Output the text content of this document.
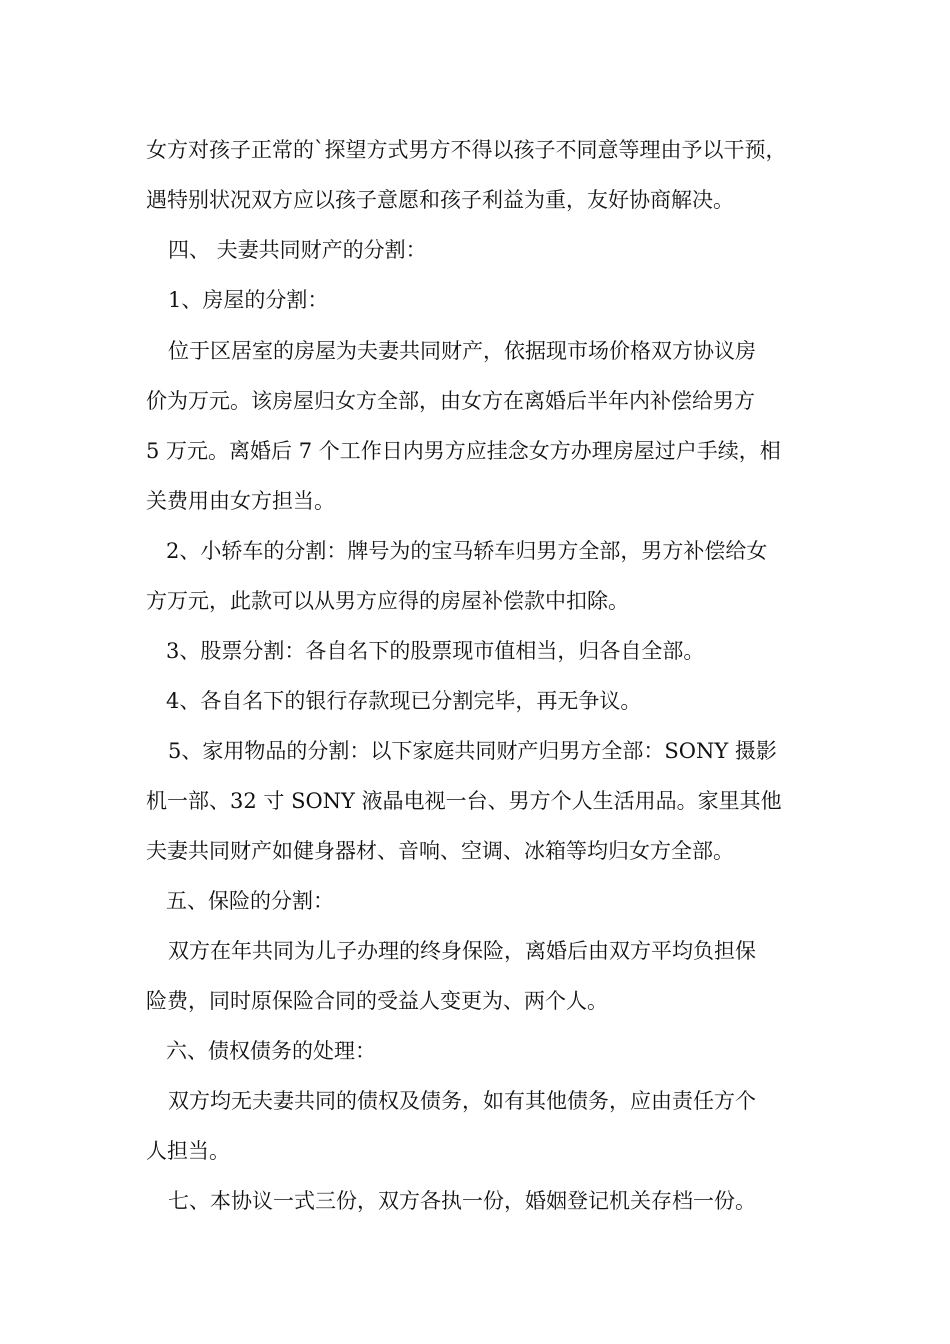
女方对孩子正常的`探望方式男方不得以孩子不同意等理由予以干预，
遇特别状况双方应以孩子意愿和孩子利益为重，友好协商解决。
四、 夫妻共同财产的分割：
1、房屋的分割：
位于区居室的房屋为夫妻共同财产，依据现市场价格双方协议房
价为万元。该房屋归女方全部，由女方在离婚后半年内补偿给男方
5 万元。离婚后 7 个工作日内男方应挂念女方办理房屋过户手续，相
关费用由女方担当。
2、小轿车的分割：牌号为的宝马轿车归男方全部，男方补偿给女
方万元，此款可以从男方应得的房屋补偿款中扣除。
3、股票分割：各自名下的股票现市值相当，归各自全部。
4、各自名下的银行存款现已分割完毕，再无争议。
5、家用物品的分割：以下家庭共同财产归男方全部：SONY 摄影
机一部、32 寸 SONY 液晶电视一台、男方个人生活用品。家里其他
夫妻共同财产如健身器材、音响、空调、冰箱等均归女方全部。
五、保险的分割：
双方在年共同为儿子办理的终身保险，离婚后由双方平均负担保
险费，同时原保险合同的受益人变更为、两个人。
六、债权债务的处理：
双方均无夫妻共同的债权及债务，如有其他债务，应由责任方个
人担当。
七、本协议一式三份，双方各执一份，婚姻登记机关存档一份。
